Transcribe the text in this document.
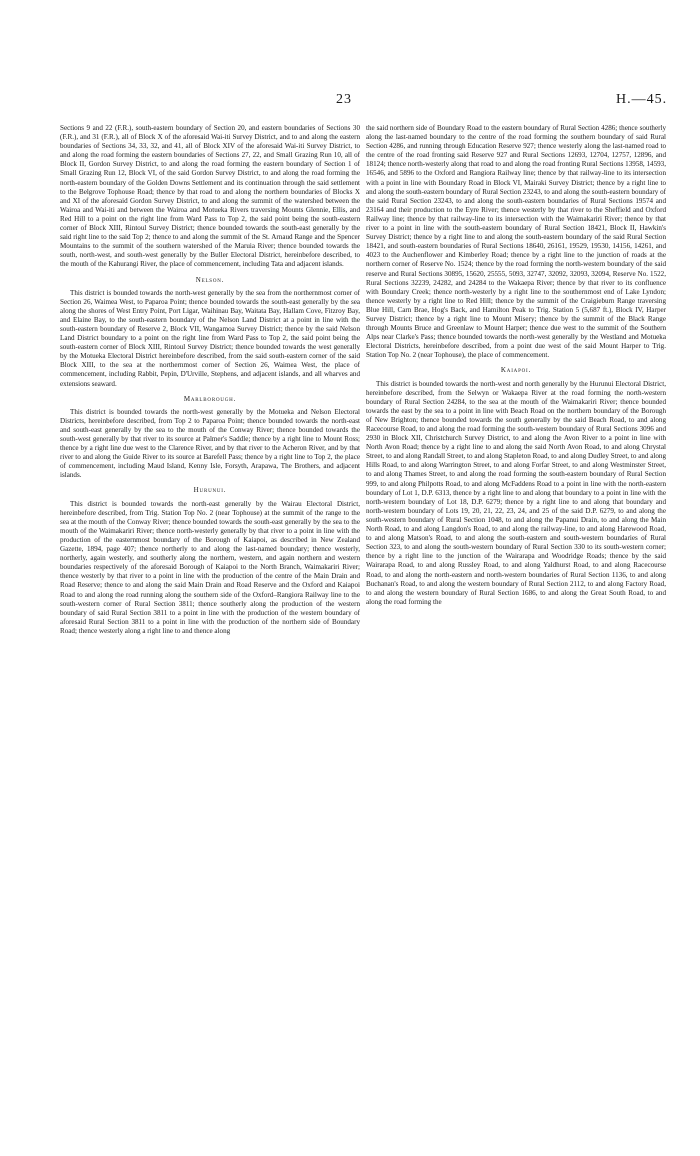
23	H.—45.

Sections 9 and 22 (F.R.), south-eastern boundary of Section 20, and eastern boundaries of Sections 30 (F.R.), and 31 (F.R.), all of Block X of the aforesaid Wai-iti Survey District, and to and along the eastern boundaries of Sections 34, 33, 32, and 41, all of Block XIV of the aforesaid Wai-iti Survey District, to and along the road forming the eastern boundaries of Sections 27, 22, and Small Grazing Run 10, all of Block II, Gordon Survey District, to and along the road forming the eastern boundary of Section 1 of Small Grazing Run 12, Block VI, of the said Gordon Survey District, to and along the road forming the north-eastern boundary of the Golden Downs Settlement and its continuation through the said settlement to the Belgrove Tophouse Road; thence by that road to and along the northern boundaries of Blocks X and XI of the aforesaid Gordon Survey District, to and along the summit of the watershed between the Wairoa and Wai-iti and between the Wairoa and Motueka Rivers traversing Mounts Glennie, Ellis, and Red Hill to a point on the right line from Ward Pass to Top 2, the said point being the south-eastern corner of Block XIII, Rintoul Survey District; thence bounded towards the south-east generally by the said right line to the said Top 2; thence to and along the summit of the St. Arnaud Range and the Spencer Mountains to the summit of the southern watershed of the Maruia River; thence bounded towards the south, north-west, and south-west generally by the Buller Electoral District, hereinbefore described, to the mouth of the Kahurangi River, the place of commencement, including Tata and adjacent islands.

Nelson.

This district is bounded towards the north-west generally by the sea from the northernmost corner of Section 26, Waimea West, to Paparoa Point; thence bounded towards the south-east generally by the sea along the shores of West Entry Point, Port Ligar, Waihinau Bay, Waitata Bay, Hallam Cove, Fitzroy Bay, and Elaine Bay, to the south-eastern boundary of the Nelson Land District at a point in line with the south-eastern boundary of Reserve 2, Block VII, Wangamoa Survey District; thence by the said Nelson Land District boundary to a point on the right line from Ward Pass to Top 2, the said point being the south-eastern corner of Block XIII, Rintoul Survey District; thence bounded towards the west generally by the Motueka Electoral District hereinbefore described, from the said south-eastern corner of the said Block XIII, to the sea at the northernmost corner of Section 26, Waimea West, the place of commencement, including Rabbit, Pepin, D'Urville, Stephens, and adjacent islands, and all wharves and extensions seaward.

Marlborough.

This district is bounded towards the north-west generally by the Motueka and Nelson Electoral Districts, hereinbefore described, from Top 2 to Paparoa Point; thence bounded towards the north-east and south-east generally by the sea to the mouth of the Conway River; thence bounded towards the south-west generally by that river to its source at Palmer's Saddle; thence by a right line to Mount Ross; thence by a right line due west to the Clarence River, and by that river to the Acheron River, and by that river to and along the Guide River to its source at Barefell Pass; thence by a right line to Top 2, the place of commencement, including Maud Island, Kenny Isle, Forsyth, Arapawa, The Brothers, and adjacent islands.

Hurunui.

This district is bounded towards the north-east generally by the Wairau Electoral District, hereinbefore described, from Trig. Station Top No. 2 (near Tophouse) at the summit of the range to the sea at the mouth of the Conway River; thence bounded towards the south-east generally by the sea to the mouth of the Waimakariri River; thence north-westerly generally by that river to a point in line with the production of the easternmost boundary of the Borough of Kaiapoi, as described in New Zealand Gazette, 1894, page 407; thence northerly to and along the last-named boundary; thence westerly, northerly, again westerly, and southerly along the northern, western, and again northern and western boundaries respectively of the aforesaid Borough of Kaiapoi to the North Branch, Waimakariri River; thence westerly by that river to a point in line with the production of the centre of the Main Drain and Road Reserve; thence to and along the said Main Drain and Road Reserve and the Oxford and Kaiapoi Road to and along the road running along the southern side of the Oxford–Rangiora Railway line to the south-western corner of Rural Section 3811; thence southerly along the production of the western boundary of said Rural Section 3811 to a point in line with the production of the western boundary of aforesaid Rural Section 3811 to a point in line with the production of the northern side of Boundary Road; thence westerly along a right line to and thence along

the said northern side of Boundary Road to the eastern boundary of Rural Section 4286; thence southerly along the last-named boundary to the centre of the road forming the southern boundary of said Rural Section 4286, and running through Education Reserve 927; thence westerly along the last-named road to the centre of the road fronting said Reserve 927 and Rural Sections 12693, 12704, 12757, 12896, and 18124; thence north-westerly along that road to and along the road fronting Rural Sections 13958, 14593, 16546, and 5896 to the Oxford and Rangiora Railway line; thence by that railway-line to its intersection with a point in line with Boundary Road in Block VI, Mairaki Survey District; thence by a right line to and along the south-eastern boundary of Rural Section 23243, to and along the south-eastern boundary of the said Rural Section 23243, to and along the south-eastern boundaries of Rural Sections 19574 and 23164 and their production to the Eyre River; thence westerly by that river to the Sheffield and Oxford Railway line; thence by that railway-line to its intersection with the Waimakariri River; thence by that river to a point in line with the south-eastern boundary of Rural Section 18421, Block II, Hawkin's Survey District; thence by a right line to and along the south-eastern boundary of the said Rural Section 18421, and south-eastern boundaries of Rural Sections 18640, 26161, 19529, 19530, 14156, 14261, and 4023 to the Auchenflower and Kimberley Road; thence by a right line to the junction of roads at the northern corner of Reserve No. 1524; thence by the road forming the north-western boundary of the said reserve and Rural Sections 30895, 15620, 25555, 5093, 32747, 32092, 32093, 32094, Reserve No. 1522, Rural Sections 32239, 24282, and 24284 to the Wakaepa River; thence by that river to its confluence with Boundary Creek; thence north-westerly by a right line to the southernmost end of Lake Lyndon; thence westerly by a right line to Red Hill; thence by the summit of the Craigieburn Range traversing Blue Hill, Carn Brae, Hog's Back, and Hamilton Peak to Trig. Station 5 (5,687 ft.), Block IV, Harper Survey District; thence by a right line to Mount Misery; thence by the summit of the Black Range through Mounts Bruce and Greenlaw to Mount Harper; thence due west to the summit of the Southern Alps near Clarke's Pass; thence bounded towards the north-west generally by the Westland and Motueka Electoral Districts, hereinbefore described, from a point due west of the said Mount Harper to Trig. Station Top No. 2 (near Tophouse), the place of commencement.

Kaiapoi.

This district is bounded towards the north-west and north generally by the Hurunui Electoral District, hereinbefore described, from the Selwyn or Wakaepa River at the road forming the north-western boundary of Rural Section 24284, to the sea at the mouth of the Waimakariri River; thence bounded towards the east by the sea to a point in line with Beach Road on the northern boundary of the Borough of New Brighton; thence bounded towards the south generally by the said Beach Road, to and along Racecourse Road, to and along the road forming the south-western boundary of Rural Sections 3096 and 2930 in Block XII, Christchurch Survey District, to and along the Avon River to a point in line with North Avon Road; thence by a right line to and along the said North Avon Road, to and along Chrystal Street, to and along Randall Street, to and along Stapleton Road, to and along Dudley Street, to and along Hills Road, to and along Warrington Street, to and along Forfar Street, to and along Westminster Street, to and along Thames Street, to and along the road forming the south-eastern boundary of Rural Section 999, to and along Philpotts Road, to and along McFaddens Road to a point in line with the north-eastern boundary of Lot 1, D.P. 6313, thence by a right line to and along that boundary to a point in line with the north-western boundary of Lot 18, D.P. 6279; thence by a right line to and along that boundary and north-western boundary of Lots 19, 20, 21, 22, 23, 24, and 25 of the said D.P. 6279, to and along the south-western boundary of Rural Section 1048, to and along the Papanui Drain, to and along the Main North Road, to and along Langdon's Road, to and along the railway-line, to and along Harewood Road, to and along Matson's Road, to and along the south-eastern and south-western boundaries of Rural Section 323, to and along the south-western boundary of Rural Section 330 to its south-western corner; thence by a right line to the junction of the Wairarapa and Woodridge Roads; thence by the said Wairarapa Road, to and along Russley Road, to and along Yaldhurst Road, to and along Racecourse Road, to and along the north-eastern and north-western boundaries of Rural Section 1136, to and along Buchanan's Road, to and along the western boundary of Rural Section 2112, to and along Factory Road, to and along the western boundary of Rural Section 1686, to and along the Great South Road, to and along the road forming the
